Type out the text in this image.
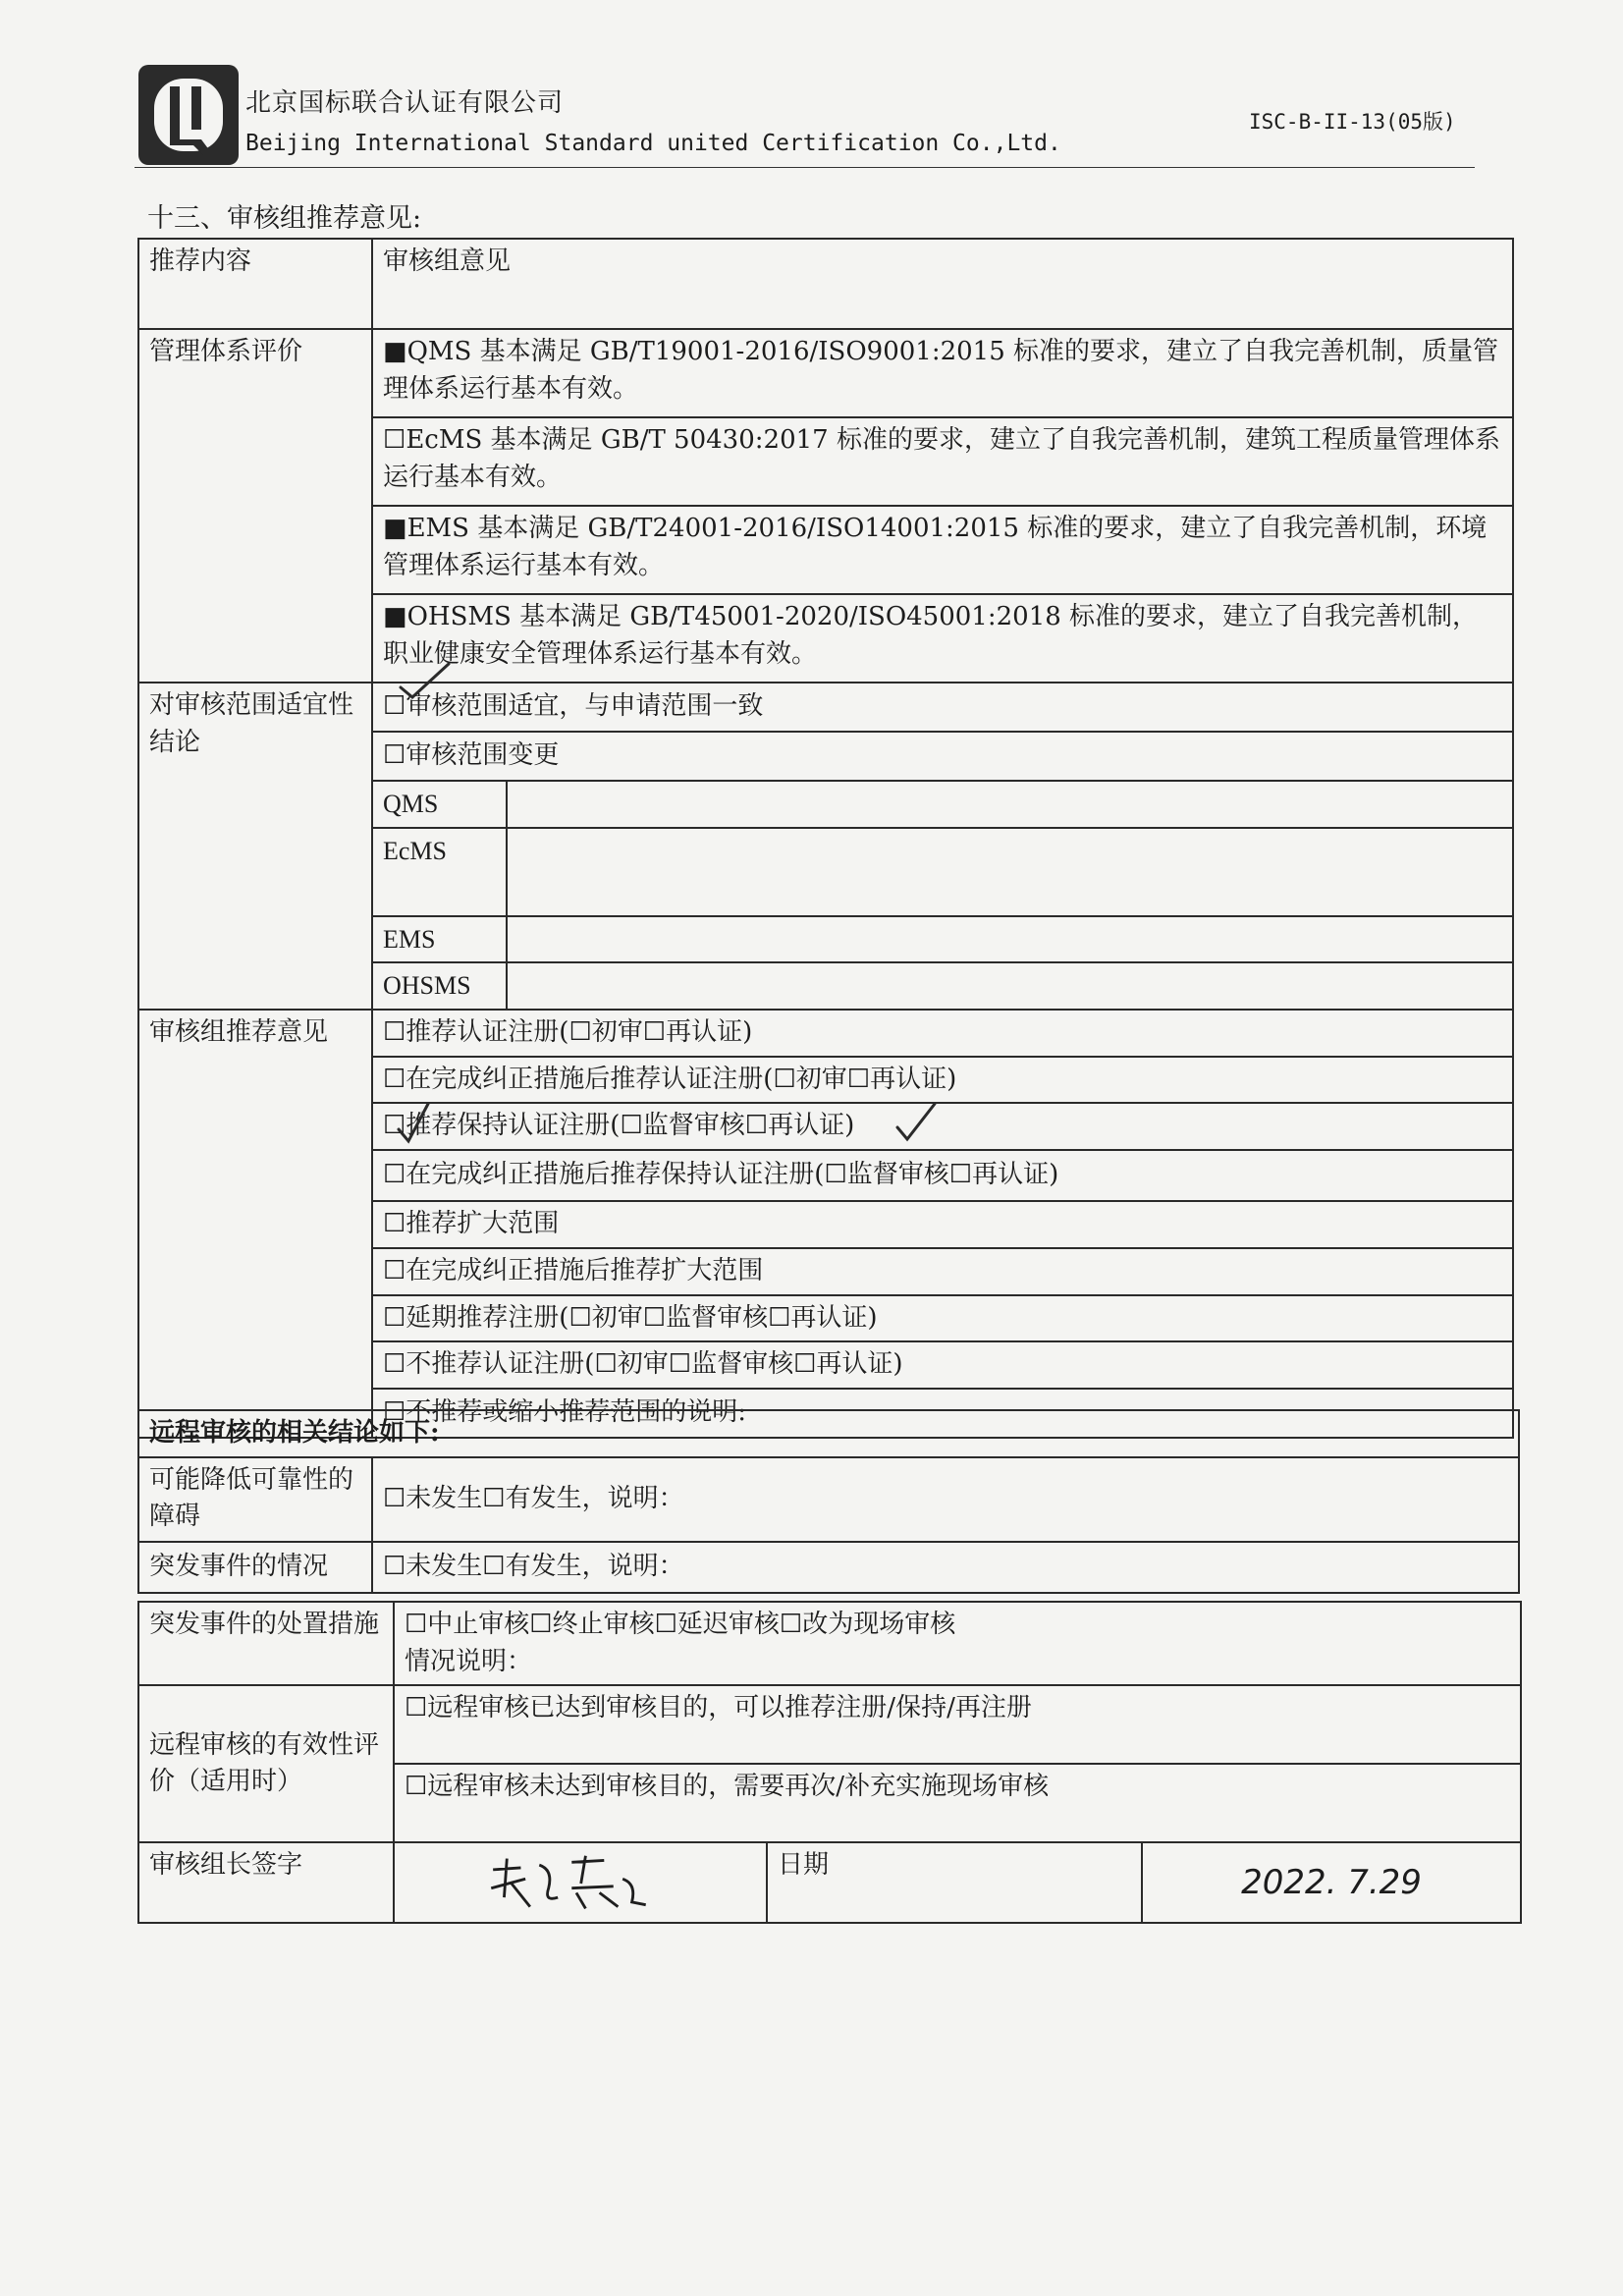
北京国标联合认证有限公司
Beijing International Standard united Certification Co.,Ltd.
ISC-B-II-13(05版)
十三、审核组推荐意见:
推荐内容	审核组意见	
管理体系评价	■QMS 基本满足 GB/T19001-2016/ISO9001:2015 标准的要求，建立了自我完善机制，质量管理体系运行基本有效。	
	☐EcMS 基本满足 GB/T 50430:2017 标准的要求，建立了自我完善机制，建筑工程质量管理体系运行基本有效。	
	■EMS 基本满足 GB/T24001-2016/ISO14001:2015 标准的要求，建立了自我完善机制，环境管理体系运行基本有效。	
	■OHSMS 基本满足 GB/T45001-2020/ISO45001:2018 标准的要求，建立了自我完善机制，职业健康安全管理体系运行基本有效。	
对审核范围适宜性结论	☐审核范围适宜，与申请范围一致	
	☐审核范围变更	
	QMS	
	EcMS	
	EMS	
	OHSMS	
审核组推荐意见	☐推荐认证注册(☐初审☐再认证)	
	☐在完成纠正措施后推荐认证注册(☐初审☐再认证)	
	☐推荐保持认证注册(☐监督审核☐再认证)	
	☐在完成纠正措施后推荐保持认证注册(☐监督审核☐再认证)	
	☐推荐扩大范围	
	☐在完成纠正措施后推荐扩大范围	
	☐延期推荐注册(☐初审☐监督审核☐再认证)	
	☐不推荐认证注册(☐初审☐监督审核☐再认证)	
	☐不推荐或缩小推荐范围的说明:	
远程审核的相关结论如下:	
可能降低可靠性的障碍	☐未发生☐有发生，说明：
突发事件的情况	☐未发生☐有发生，说明：
突发事件的处置措施	☐中止审核☐终止审核☐延迟审核☐改为现场审核
情况说明：		

远程审核的有效性评价（适用时）	☐远程审核已达到审核目的，可以推荐注册/保持/再注册		
	☐远程审核未达到审核目的，需要再次/补充实施现场审核		
审核组长签字		日期	2022. 7.29
